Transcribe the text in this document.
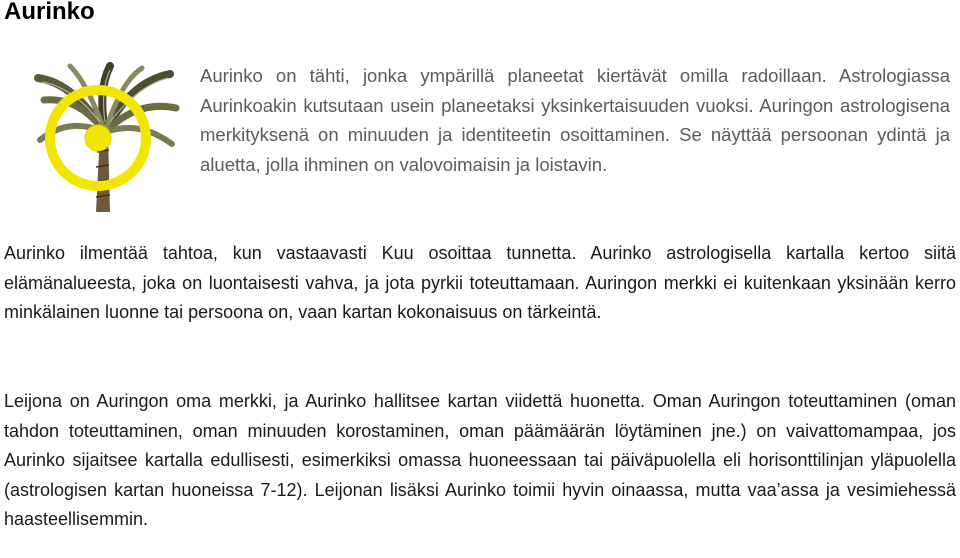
Aurinko

Aurinko on tähti, jonka ympärillä planeetat kiertävät omilla radoillaan. Astrologiassa Aurinkoakin kutsutaan usein planeetaksi yksinkertaisuuden vuoksi. Auringon astrologisena merkityksenä on minuuden ja identiteetin osoittaminen. Se näyttää persoonan ydintä ja aluetta, jolla ihminen on valovoimaisin ja loistavin.

Aurinko ilmentää tahtoa, kun vastaavasti Kuu osoittaa tunnetta. Aurinko astrologisella kartalla kertoo siitä elämänalueesta, joka on luontaisesti vahva, ja jota pyrkii toteuttamaan. Auringon merkki ei kuitenkaan yksinään kerro minkälainen luonne tai persoona on, vaan kartan kokonaisuus on tärkeintä.

Leijona on Auringon oma merkki, ja Aurinko hallitsee kartan viidettä huonetta. Oman Auringon toteuttaminen (oman tahdon toteuttaminen, oman minuuden korostaminen, oman päämäärän löytäminen jne.) on vaivattomampaa, jos Aurinko sijaitsee kartalla edullisesti, esimerkiksi omassa huoneessaan tai päiväpuolella eli horisonttilinjan yläpuolella (astrologisen kartan huoneissa 7-12). Leijonan lisäksi Aurinko toimii hyvin oinaassa, mutta vaa’assa ja vesimiehessä haasteellisemmin.
